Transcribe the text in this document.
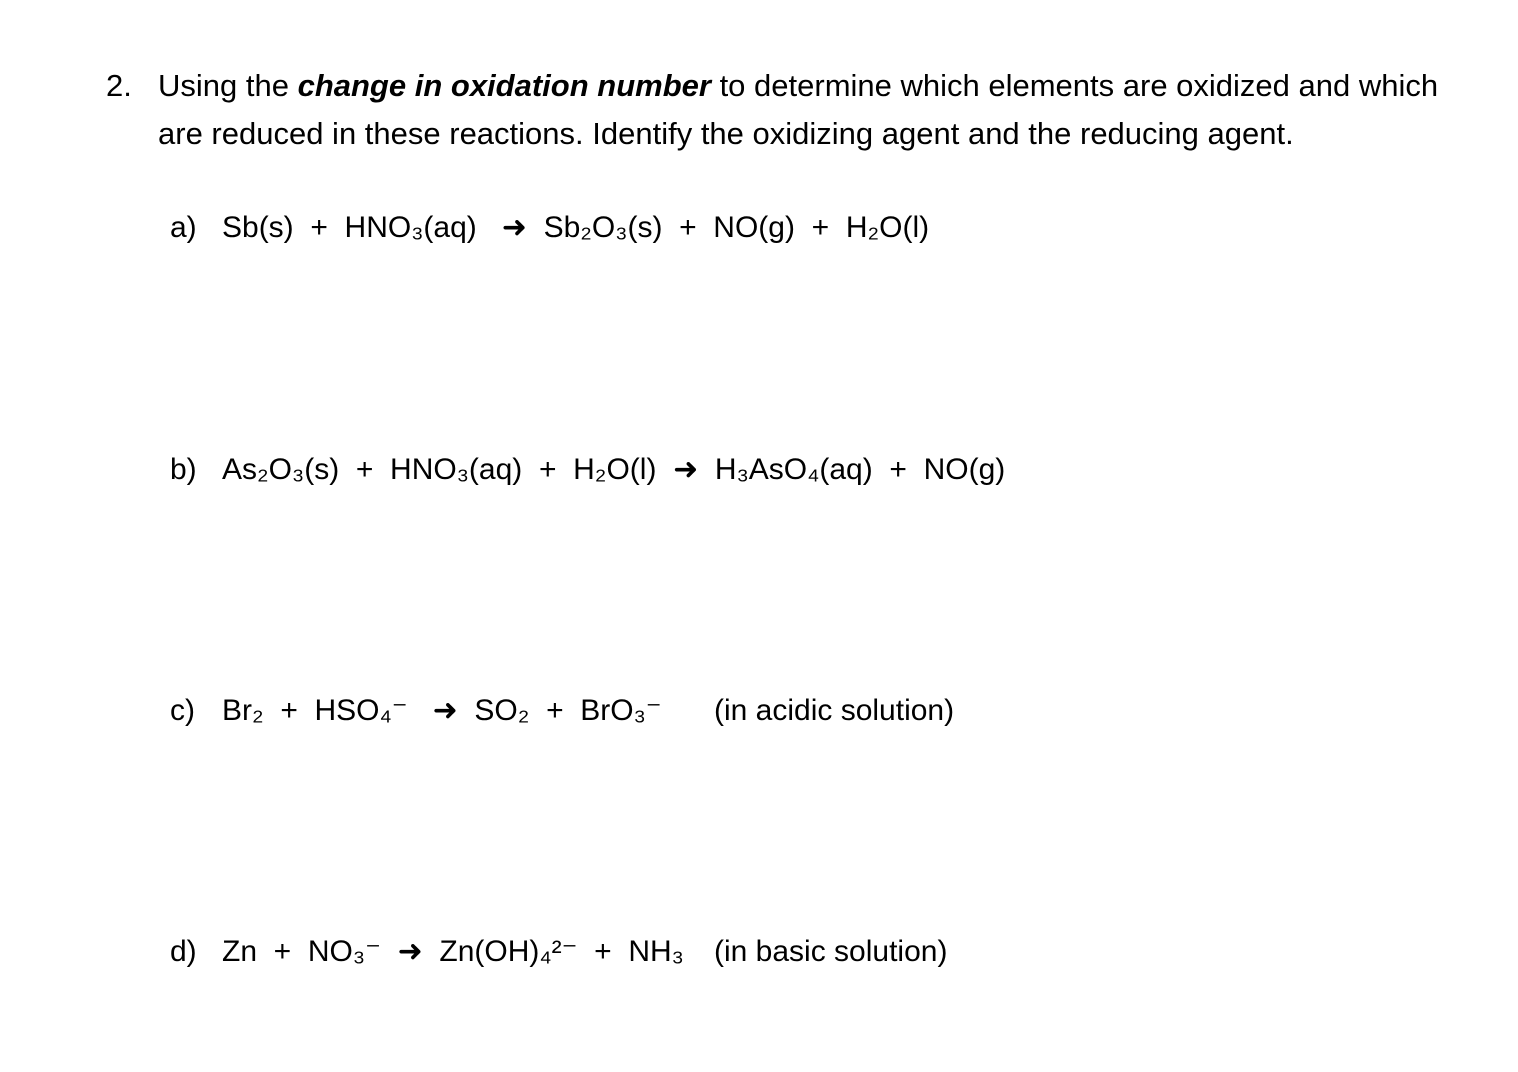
2. Using the change in oxidation number to determine which elements are oxidized and which are reduced in these reactions. Identify the oxidizing agent and the reducing agent.
a) Sb(s)  +  HNO₃(aq)   ➜  Sb₂O₃(s)  +  NO(g)  +  H₂O(l)
b) As₂O₃(s)  +  HNO₃(aq)  +  H₂O(l)  ➜  H₃AsO₄(aq)  +  NO(g)
c) Br₂  +  HSO₄⁻   ➜  SO₂  +  BrO₃⁻ (in acidic solution)
d) Zn  +  NO₃⁻  ➜  Zn(OH)₄²⁻  +  NH₃ (in basic solution)
